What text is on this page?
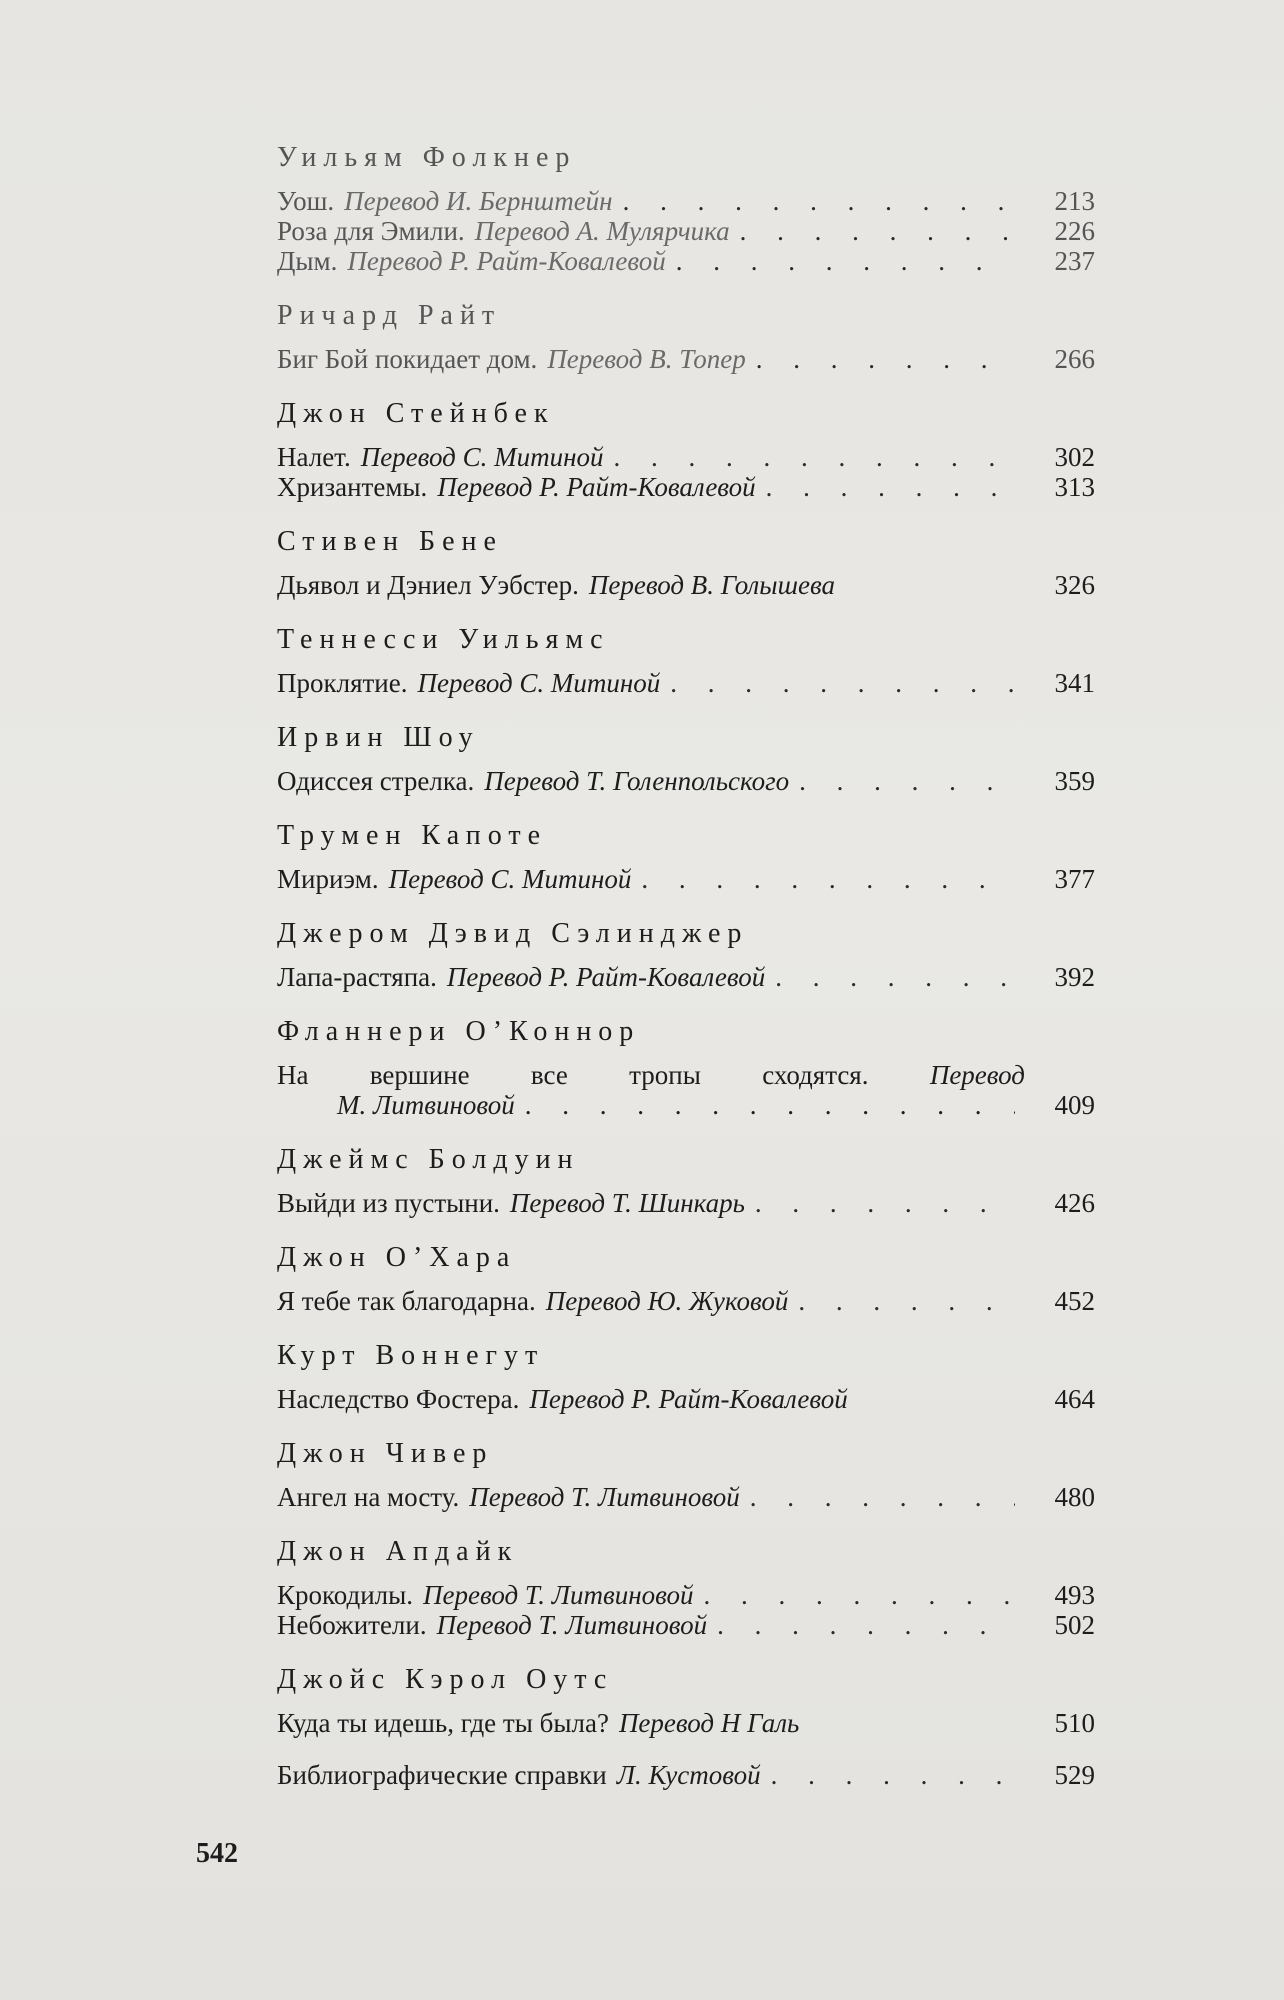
Уильям Фолкнер
Уош. Перевод И. Бернштейн . . .	213
Роза для Эмили. Перевод А. Мулярчика . . .	226
Дым. Перевод Р. Райт-Ковалевой . . .	237
Ричард Райт
Биг Бой покидает дом. Перевод В. Топер . . .	266
Джон Стейнбек
Налет. Перевод С. Митиной . . .	302
Хризантемы. Перевод Р. Райт-Ковалевой . . .	313
Стивен Бене
Дьявол и Дэниел Уэбстер. Перевод В. Голышева	326
Теннесси Уильямс
Проклятие. Перевод С. Митиной . . .	341
Ирвин Шоу
Одиссея стрелка. Перевод Т. Голенпольского . . .	359
Трумен Капоте
Мириэм. Перевод С. Митиной . . .	377
Джером Дэвид Сэлинджер
Лапа-растяпа. Перевод Р. Райт-Ковалевой . . .	392
Фланнери О’Коннор
На вершине все тропы сходятся. Перевод
М. Литвиновой . . .	409
Джеймс Болдуин
Выйди из пустыни. Перевод Т. Шинкарь . . .	426
Джон О’Хара
Я тебе так благодарна. Перевод Ю. Жуковой . . .	452
Курт Воннегут
Наследство Фостера. Перевод Р. Райт-Ковалевой	464
Джон Чивер
Ангел на мосту. Перевод Т. Литвиновой . . .	480
Джон Апдайк
Крокодилы. Перевод Т. Литвиновой . . .	493
Небожители. Перевод Т. Литвиновой . . .	502
Джойс Кэрол Оутс
Куда ты идешь, где ты была? Перевод Н Галь	510
Библиографические справки Л. Кустовой . . .	529
542
